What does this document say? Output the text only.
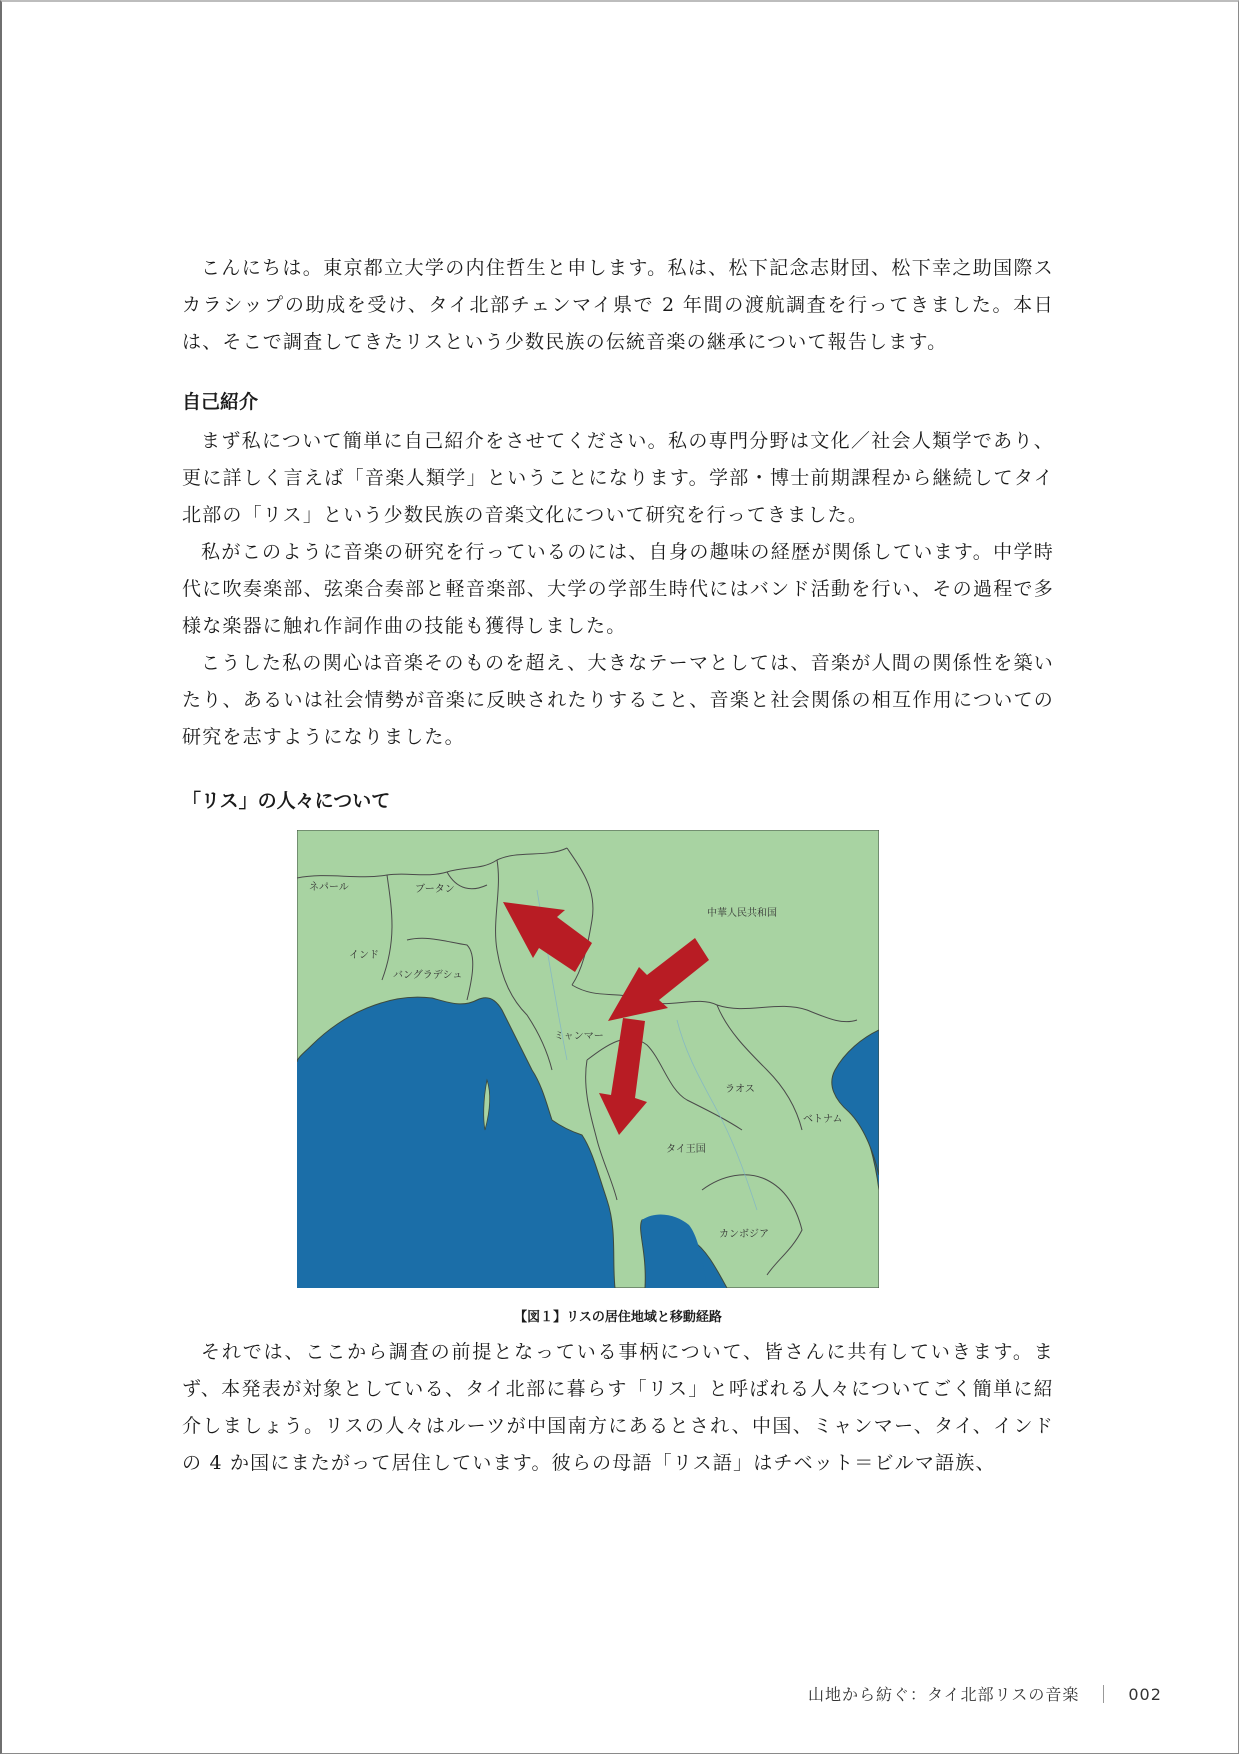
こんにちは。東京都立大学の内住哲生と申します。私は、松下記念志財団、松下幸之助国際スカラシップの助成を受け、タイ北部チェンマイ県で 2 年間の渡航調査を行ってきました。本日は、そこで調査してきたリスという少数民族の伝統音楽の継承について報告します。

自己紹介

まず私について簡単に自己紹介をさせてください。私の専門分野は文化／社会人類学であり、更に詳しく言えば「音楽人類学」ということになります。学部・博士前期課程から継続してタイ北部の「リス」という少数民族の音楽文化について研究を行ってきました。

私がこのように音楽の研究を行っているのには、自身の趣味の経歴が関係しています。中学時代に吹奏楽部、弦楽合奏部と軽音楽部、大学の学部生時代にはバンド活動を行い、その過程で多様な楽器に触れ作詞作曲の技能も獲得しました。

こうした私の関心は音楽そのものを超え、大きなテーマとしては、音楽が人間の関係性を築いたり、あるいは社会情勢が音楽に反映されたりすること、音楽と社会関係の相互作用についての研究を志すようになりました。

「リス」の人々について
ネパール	ブータン
インド
バングラデシュ
中華人民共和国
ミャンマー
ラオス
ベトナム
タイ王国
カンボジア
【図１】リスの居住地域と移動経路

それでは、ここから調査の前提となっている事柄について、皆さんに共有していきます。まず、本発表が対象としている、タイ北部に暮らす「リス」と呼ばれる人々についてごく簡単に紹介しましょう。リスの人々はルーツが中国南方にあるとされ、中国、ミャンマー、タイ、インドの 4 か国にまたがって居住しています。彼らの母語「リス語」はチベット＝ビルマ語族、

山地から紡ぐ：タイ北部リスの音楽	002
